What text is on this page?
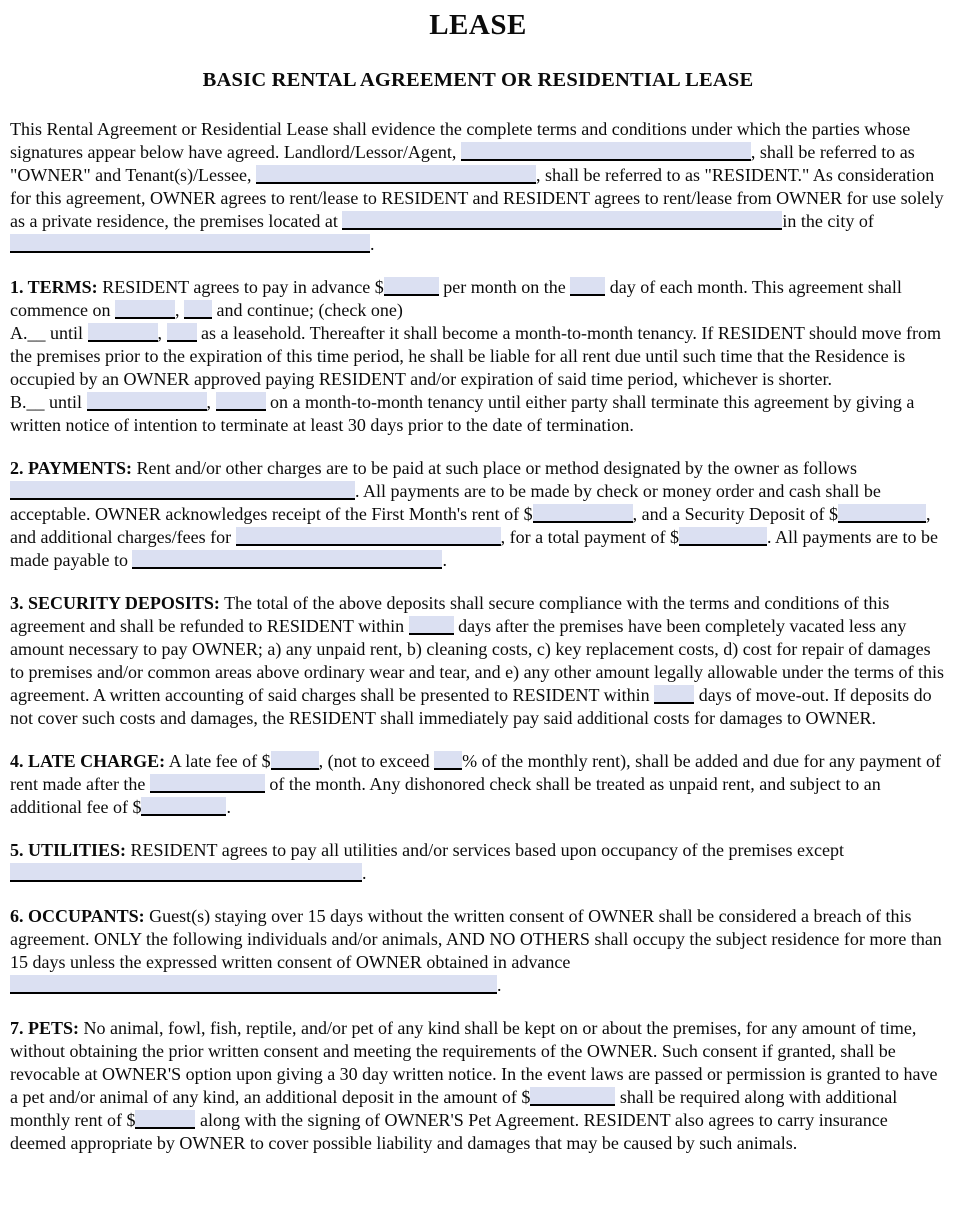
LEASE
BASIC RENTAL AGREEMENT OR RESIDENTIAL LEASE

This Rental Agreement or Residential Lease shall evidence the complete terms and conditions under which the parties whose signatures appear below have agreed. Landlord/Lessor/Agent,	, shall be referred to as "OWNER" and Tenant(s)/Lessee,	, shall be referred to as "RESIDENT." As consideration for this agreement, OWNER agrees to rent/lease to RESIDENT and RESIDENT agrees to rent/lease from OWNER for use solely as a private residence, the premises located at	in the city of .

1. TERMS: RESIDENT agrees to pay in advance $	per month on the  day of each month. This agreement shall commence on	,  and continue; (check one)

A.__ until	,  as a leasehold. Thereafter it shall become a month-to-month tenancy. If RESIDENT should move from the premises prior to the expiration of this time period, he shall be liable for all rent due until such time that the Residence is occupied by an OWNER approved paying RESIDENT and/or expiration of said time period, whichever is shorter.

B.__ until	,	on a month-to-month tenancy until either party shall terminate this agreement by giving a written notice of intention to terminate at least 30 days prior to the date of termination.

2. PAYMENTS: Rent and/or other charges are to be paid at such place or method designated by the owner as follows . All payments are to be made by check or money order and cash shall be acceptable. OWNER acknowledges receipt of the First Month's rent of $	, and a Security Deposit of $	, and additional charges/fees for	, for a total payment of $	. All payments are to be made payable to	.

3. SECURITY DEPOSITS: The total of the above deposits shall secure compliance with the terms and conditions of this agreement and shall be refunded to RESIDENT within	days after the premises have been completely vacated less any amount necessary to pay OWNER; a) any unpaid rent, b) cleaning costs, c) key replacement costs, d) cost for repair of damages to premises and/or common areas above ordinary wear and tear, and e) any other amount legally allowable under the terms of this agreement. A written accounting of said charges shall be presented to RESIDENT within  days of move-out. If deposits do not cover such costs and damages, the RESIDENT shall immediately pay said additional costs for damages to OWNER.

4. LATE CHARGE: A late fee of $	, (not to exceed % of the monthly rent), shall be added and due for any payment of rent made after the	of the month. Any dishonored check shall be treated as unpaid rent, and subject to an additional fee of $	.

5. UTILITIES: RESIDENT agrees to pay all utilities and/or services based upon occupancy of the premises except .

6. OCCUPANTS: Guest(s) staying over 15 days without the written consent of OWNER shall be considered a breach of this agreement. ONLY the following individuals and/or animals, AND NO OTHERS shall occupy the subject residence for more than 15 days unless the expressed written consent of OWNER obtained in advance .

7. PETS: No animal, fowl, fish, reptile, and/or pet of any kind shall be kept on or about the premises, for any amount of time, without obtaining the prior written consent and meeting the requirements of the OWNER. Such consent if granted, shall be revocable at OWNER'S option upon giving a 30 day written notice. In the event laws are passed or permission is granted to have a pet and/or animal of any kind, an additional deposit in the amount of $	shall be required along with additional monthly rent of $	along with the signing of OWNER'S Pet Agreement. RESIDENT also agrees to carry insurance deemed appropriate by OWNER to cover possible liability and damages that may be caused by such animals.
